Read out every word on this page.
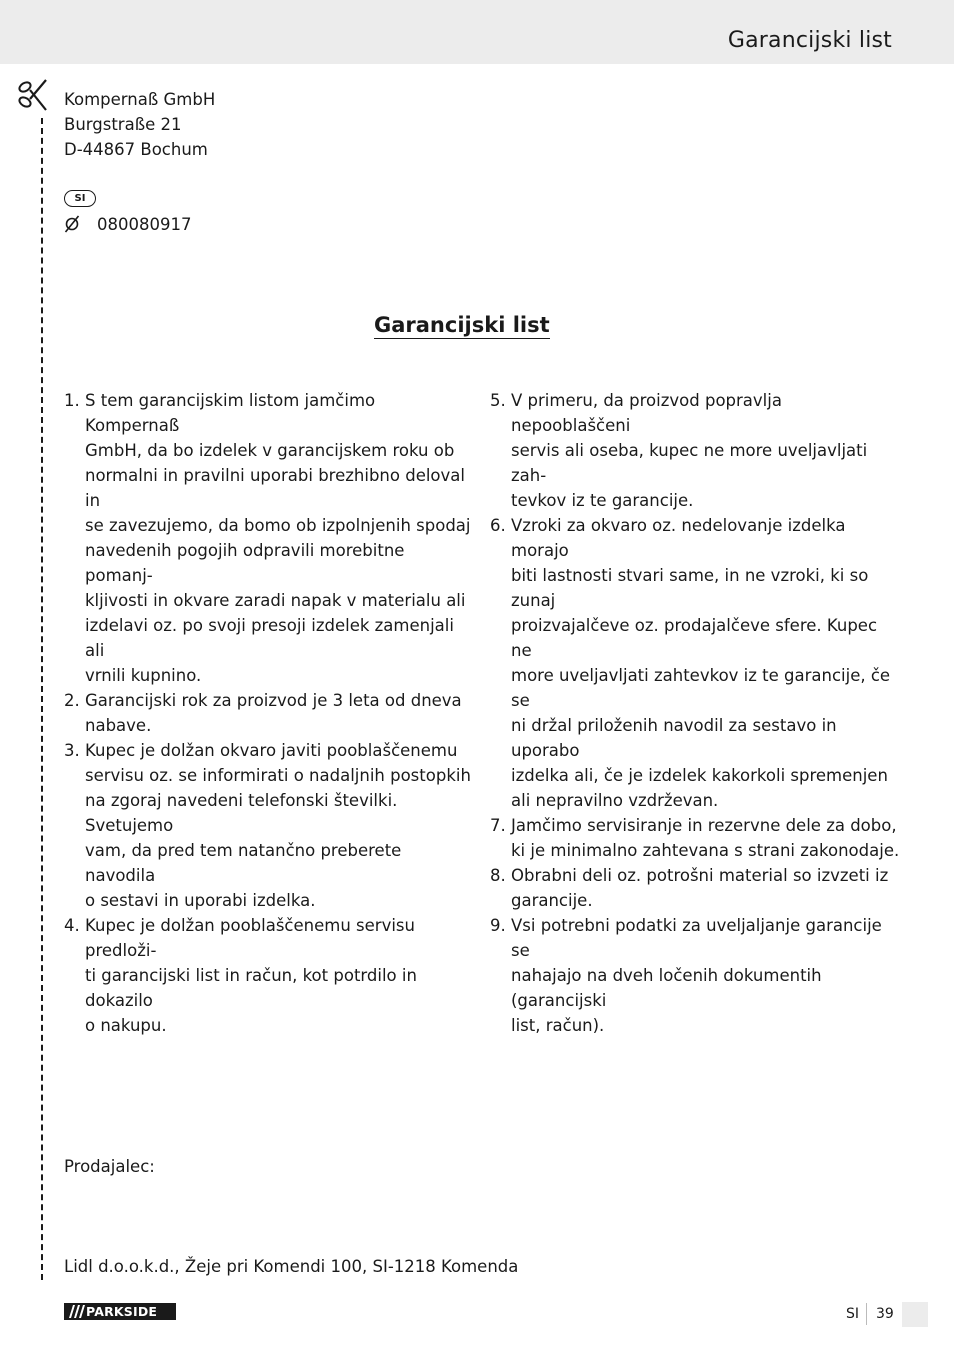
Garancijski list
Kompernaß GmbH
Burgstraße 21
D-44867 Bochum
SI
080080917
Garancijski list
1. S tem garancijskim listom jamčimo Kompernaß
GmbH, da bo izdelek v garancijskem roku ob
normalni in pravilni uporabi brezhibno deloval in
se zavezujemo, da bomo ob izpolnjenih spodaj
navedenih pogojih odpravili morebitne pomanj-
kljivosti in okvare zaradi napak v materialu ali
izdelavi oz. po svoji presoji izdelek zamenjali ali
vrnili kupnino.
2. Garancijski rok za proizvod je 3 leta od dneva
nabave.
3. Kupec je dolžan okvaro javiti pooblaščenemu
servisu oz. se informirati o nadaljnih postopkih
na zgoraj navedeni telefonski številki. Svetujemo
vam, da pred tem natančno preberete navodila
o sestavi in uporabi izdelka.
4. Kupec je dolžan pooblaščenemu servisu predloži-
ti garancijski list in račun, kot potrdilo in dokazilo
o nakupu.
5. V primeru, da proizvod popravlja nepooblaščeni
servis ali oseba, kupec ne more uveljavljati zah-
tevkov iz te garancije.
6. Vzroki za okvaro oz. nedelovanje izdelka morajo
biti lastnosti stvari same, in ne vzroki, ki so zunaj
proizvajalčeve oz. prodajalčeve sfere. Kupec ne
more uveljavljati zahtevkov iz te garancije, če se
ni držal priloženih navodil za sestavo in uporabo
izdelka ali, če je izdelek kakorkoli spremenjen
ali nepravilno vzdrževan.
7. Jamčimo servisiranje in rezervne dele za dobo,
ki je minimalno zahtevana s strani zakonodaje.
8. Obrabni deli oz. potrošni material so izvzeti iz
garancije.
9. Vsi potrebni podatki za uveljaljanje garancije se
nahajajo na dveh ločenih dokumentih (garancijski
list, račun).
Prodajalec:
Lidl d.o.o.k.d., Žeje pri Komendi 100, SI-1218 Komenda
PARKSIDE	SI 39
